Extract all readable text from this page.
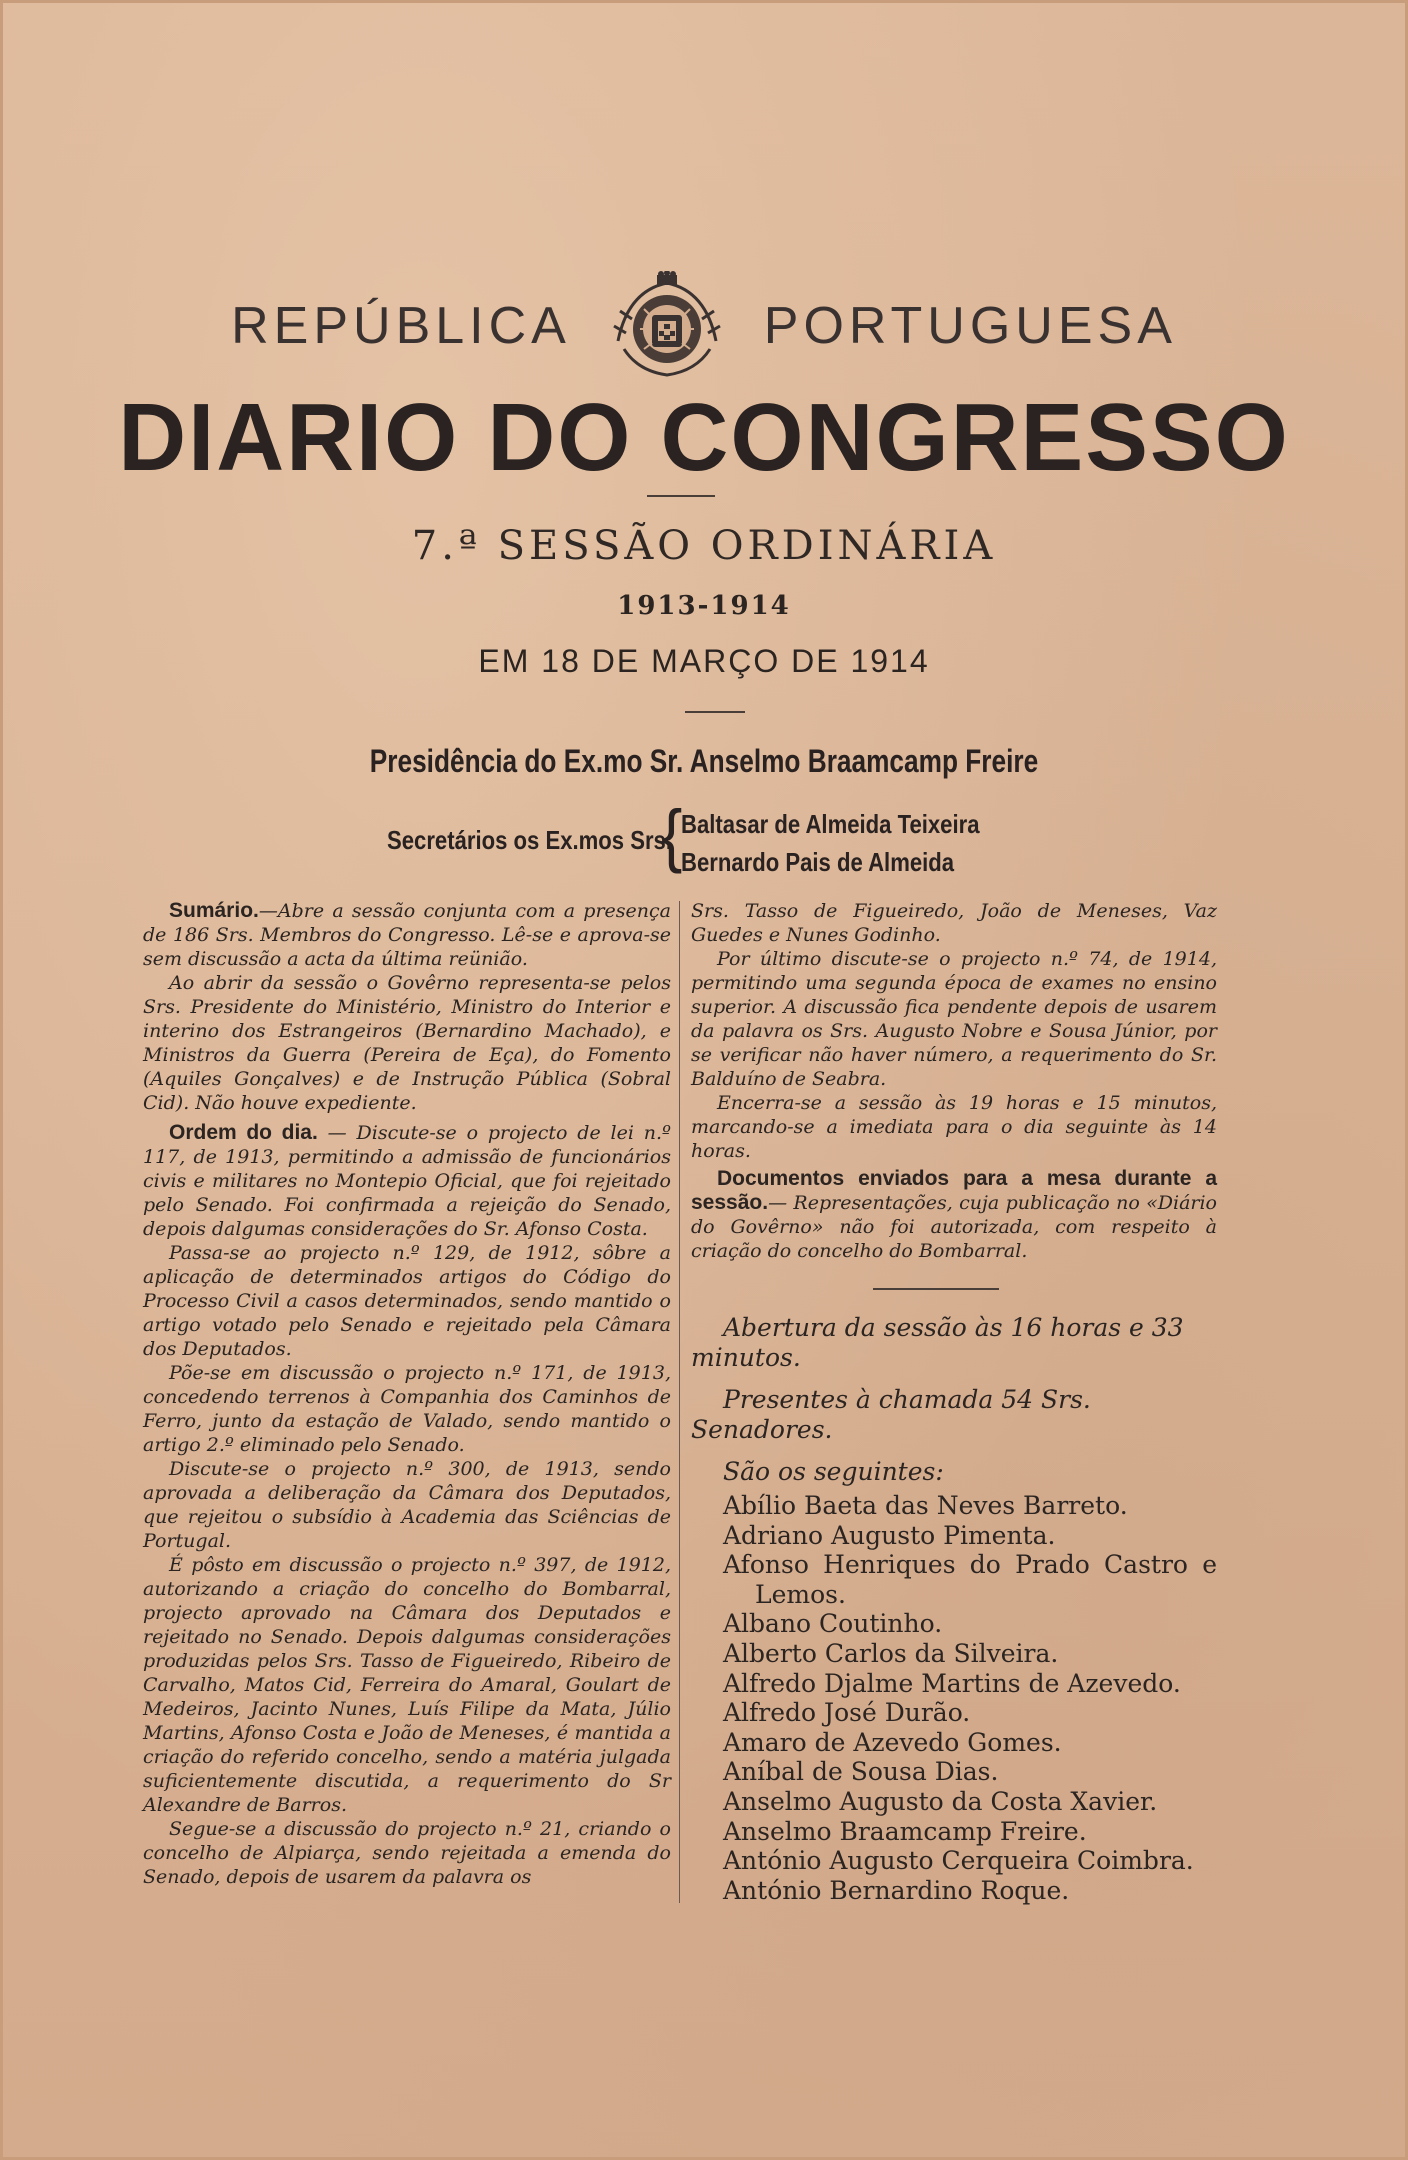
REPÚBLICA	PORTUGUESA
DIARIO DO CONGRESSO
7.ª SESSÃO ORDINÁRIA
1913-1914
EM 18 DE MARÇO DE 1914
Presidência do Ex.mo Sr. Anselmo Braamcamp Freire
Secretários os Ex.mos Srs.
{
Baltasar de Almeida Teixeira
Bernardo Pais de Almeida

Sumário.—Abre a sessão conjunta com a presença de 186 Srs. Membros do Congresso. Lê-se e aprova-se sem discussão a acta da última reünião.

Ao abrir da sessão o Govêrno representa-se pelos Srs. Presidente do Ministério, Ministro do Interior e interino dos Estrangeiros (Bernardino Machado), e Ministros da Guerra (Pereira de Eça), do Fomento (Aquiles Gonçalves) e de Instrução Pública (Sobral Cid). Não houve expediente.

Ordem do dia. — Discute-se o projecto de lei n.º 117, de 1913, permitindo a admissão de funcionários civis e militares no Montepio Oficial, que foi rejeitado pelo Senado. Foi confirmada a rejeição do Senado, depois dalgumas considerações do Sr. Afonso Costa.

Passa-se ao projecto n.º 129, de 1912, sôbre a aplicação de determinados artigos do Código do Processo Civil a casos determinados, sendo mantido o artigo votado pelo Senado e rejeitado pela Câmara dos Deputados.

Põe-se em discussão o projecto n.º 171, de 1913, concedendo terrenos à Companhia dos Caminhos de Ferro, junto da estação de Valado, sendo mantido o artigo 2.º eliminado pelo Senado.

Discute-se o projecto n.º 300, de 1913, sendo aprovada a deliberação da Câmara dos Deputados, que rejeitou o subsídio à Academia das Sciências de Portugal.

É pôsto em discussão o projecto n.º 397, de 1912, autorizando a criação do concelho do Bombarral, projecto aprovado na Câmara dos Deputados e rejeitado no Senado. Depois dalgumas considerações produzidas pelos Srs. Tasso de Figueiredo, Ribeiro de Carvalho, Matos Cid, Ferreira do Amaral, Goulart de Medeiros, Jacinto Nunes, Luís Filipe da Mata, Júlio Martins, Afonso Costa e João de Meneses, é mantida a criação do referido concelho, sendo a matéria julgada suficientemente discutida, a requerimento do Sr Alexandre de Barros.

Segue-se a discussão do projecto n.º 21, criando o concelho de Alpiarça, sendo rejeitada a emenda do Senado, depois de usarem da palavra os

Srs. Tasso de Figueiredo, João de Meneses, Vaz Guedes e Nunes Godinho.

Por último discute-se o projecto n.º 74, de 1914, permitindo uma segunda época de exames no ensino superior. A discussão fica pendente depois de usarem da palavra os Srs. Augusto Nobre e Sousa Júnior, por se verificar não haver número, a requerimento do Sr. Balduíno de Seabra.

Encerra-se a sessão às 19 horas e 15 minutos, marcando-se a imediata para o dia seguinte às 14 horas.

Documentos enviados para a mesa durante a sessão.— Representações, cuja publicação no «Diário do Govêrno» não foi autorizada, com respeito à criação do concelho do Bombarral.

Abertura da sessão às 16 horas e 33 minutos.

Presentes à chamada 54 Srs. Senadores.

São os seguintes:

Abílio Baeta das Neves Barreto.
Adriano Augusto Pimenta.
Afonso Henriques do Prado Castro e Lemos.
Albano Coutinho.
Alberto Carlos da Silveira.
Alfredo Djalme Martins de Azevedo.
Alfredo José Durão.
Amaro de Azevedo Gomes.
Aníbal de Sousa Dias.
Anselmo Augusto da Costa Xavier.
Anselmo Braamcamp Freire.
António Augusto Cerqueira Coimbra.
António Bernardino Roque.
